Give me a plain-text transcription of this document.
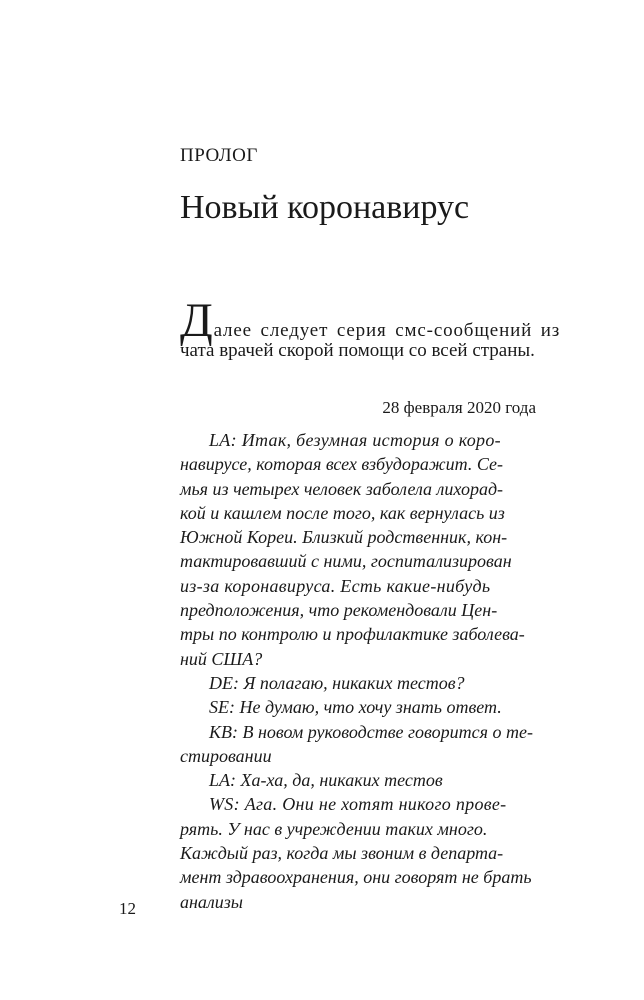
ПРОЛОГ
Новый коронавирус
Далее следует серия смс-сообщений из
чата врачей скорой помощи со всей страны.
28 февраля 2020 года
LA: Итак, безумная история о коро-
навирусе, которая всех взбудоражит. Се-
мья из четырех человек заболела лихорад-
кой и кашлем после того, как вернулась из
Южной Кореи. Близкий родственник, кон-
тактировавший с ними, госпитализирован
из-за коронавируса. Есть какие-нибудь
предположения, что рекомендовали Цен-
тры по контролю и профилактике заболева-
ний США?
DE: Я полагаю, никаких тестов?
SE: Не думаю, что хочу знать ответ.
KB: В новом руководстве говорится о те-
стировании
LA: Ха-ха, да, никаких тестов
WS: Ага. Они не хотят никого прове-
рять. У нас в учреждении таких много.
Каждый раз, когда мы звоним в департа-
мент здравоохранения, они говорят не брать
анализы
12
